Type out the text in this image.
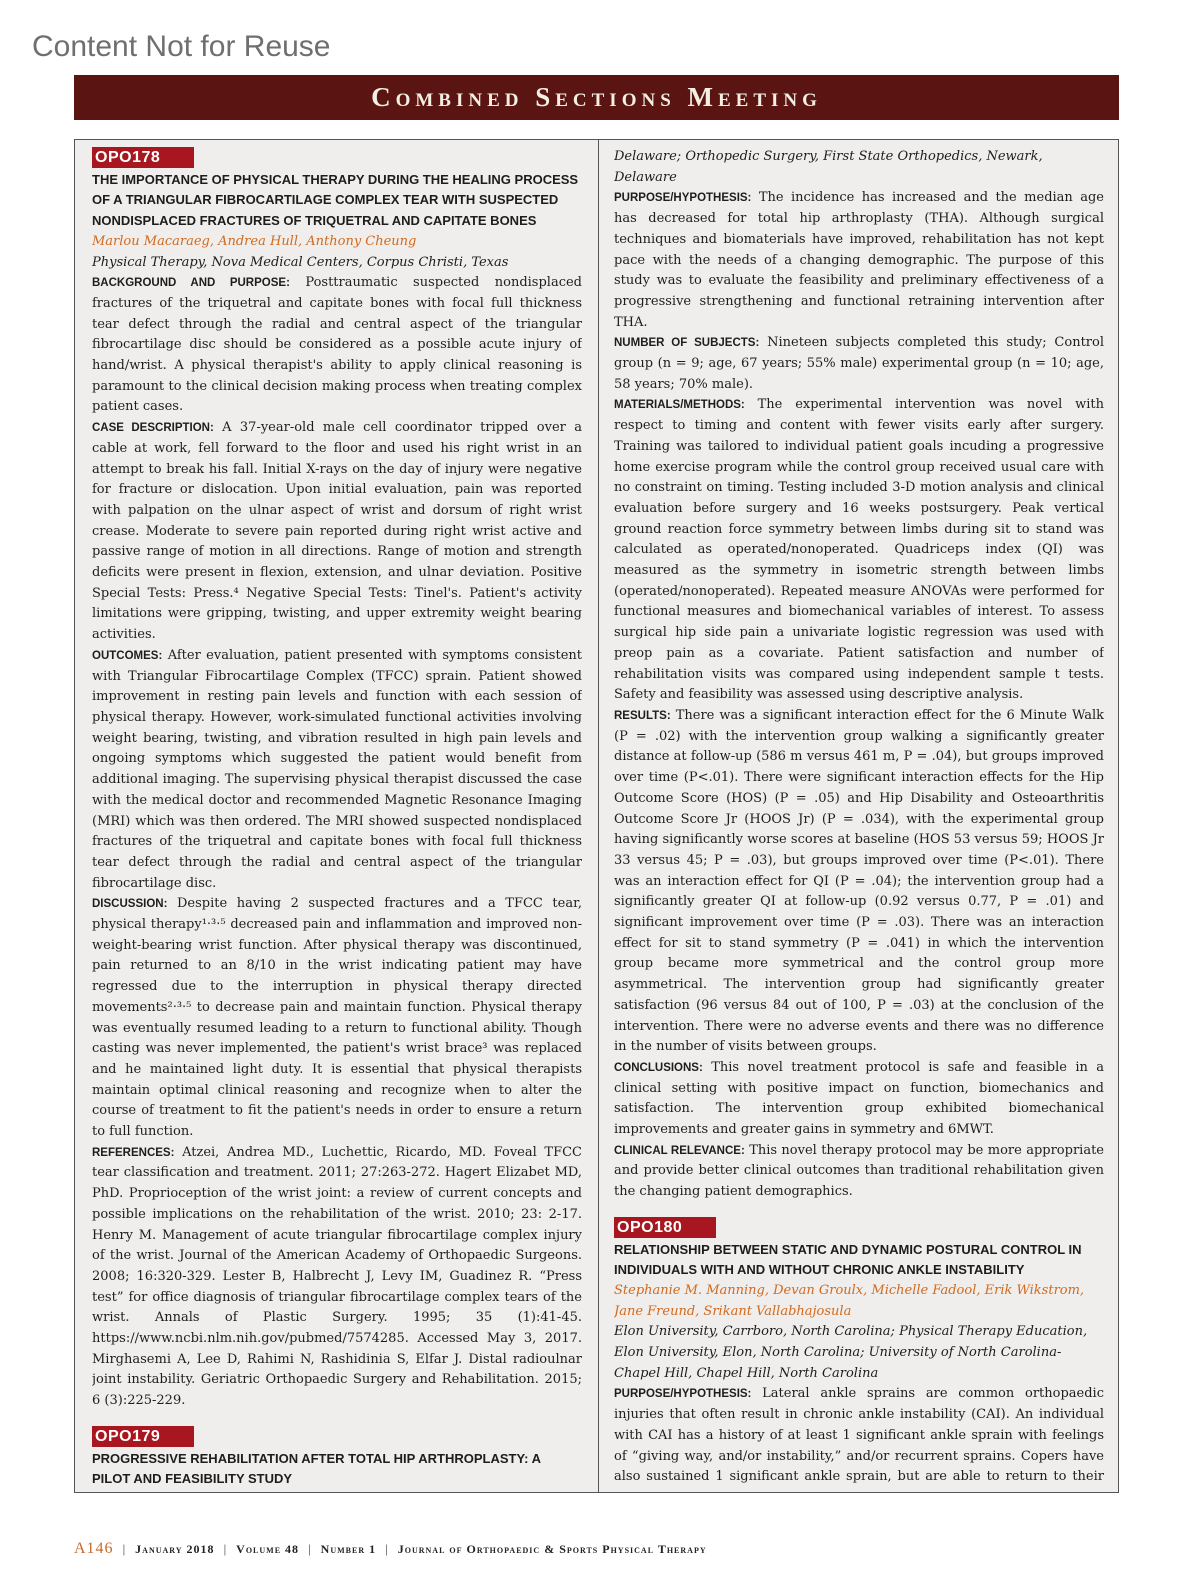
Content Not for Reuse
Combined Sections Meeting
OPO178

THE IMPORTANCE OF PHYSICAL THERAPY DURING THE HEALING PROCESS OF A TRIANGULAR FIBROCARTILAGE COMPLEX TEAR WITH SUSPECTED NONDISPLACED FRACTURES OF TRIQUETRAL AND CAPITATE BONES

Marlou Macaraeg, Andrea Hull, Anthony Cheung

Physical Therapy, Nova Medical Centers, Corpus Christi, Texas

BACKGROUND AND PURPOSE: Posttraumatic suspected nondisplaced fractures of the triquetral and capitate bones with focal full thickness tear defect through the radial and central aspect of the triangular fibrocartilage disc should be considered as a possible acute injury of hand/wrist. A physical therapist's ability to apply clinical reasoning is paramount to the clinical decision making process when treating complex patient cases.

CASE DESCRIPTION: A 37-year-old male cell coordinator tripped over a cable at work, fell forward to the floor and used his right wrist in an attempt to break his fall. Initial X-rays on the day of injury were negative for fracture or dislocation. Upon initial evaluation, pain was reported with palpation on the ulnar aspect of wrist and dorsum of right wrist crease. Moderate to severe pain reported during right wrist active and passive range of motion in all directions. Range of motion and strength deficits were present in flexion, extension, and ulnar deviation. Positive Special Tests: Press.⁴ Negative Special Tests: Tinel's. Patient's activity limitations were gripping, twisting, and upper extremity weight bearing activities.

OUTCOMES: After evaluation, patient presented with symptoms consistent with Triangular Fibrocartilage Complex (TFCC) sprain. Patient showed improvement in resting pain levels and function with each session of physical therapy. However, work-simulated functional activities involving weight bearing, twisting, and vibration resulted in high pain levels and ongoing symptoms which suggested the patient would benefit from additional imaging. The supervising physical therapist discussed the case with the medical doctor and recommended Magnetic Resonance Imaging (MRI) which was then ordered. The MRI showed suspected nondisplaced fractures of the triquetral and capitate bones with focal full thickness tear defect through the radial and central aspect of the triangular fibrocartilage disc.

DISCUSSION: Despite having 2 suspected fractures and a TFCC tear, physical therapy¹‧³‧⁵ decreased pain and inflammation and improved non-weight-bearing wrist function. After physical therapy was discontinued, pain returned to an 8/10 in the wrist indicating patient may have regressed due to the interruption in physical therapy directed movements²‧³‧⁵ to decrease pain and maintain function. Physical therapy was eventually resumed leading to a return to functional ability. Though casting was never implemented, the patient's wrist brace³ was replaced and he maintained light duty. It is essential that physical therapists maintain optimal clinical reasoning and recognize when to alter the course of treatment to fit the patient's needs in order to ensure a return to full function.

REFERENCES: Atzei, Andrea MD., Luchettic, Ricardo, MD. Foveal TFCC tear classification and treatment. 2011; 27:263-272. Hagert Elizabet MD, PhD. Proprioception of the wrist joint: a review of current concepts and possible implications on the rehabilitation of the wrist. 2010; 23: 2-17. Henry M. Management of acute triangular fibrocartilage complex injury of the wrist. Journal of the American Academy of Orthopaedic Surgeons. 2008; 16:320-329. Lester B, Halbrecht J, Levy IM, Guadinez R. “Press test” for office diagnosis of triangular fibrocartilage complex tears of the wrist. Annals of Plastic Surgery. 1995; 35 (1):41-45. https://www.ncbi.nlm.nih.gov/pubmed/7574285. Accessed May 3, 2017. Mirghasemi A, Lee D, Rahimi N, Rashidinia S, Elfar J. Distal radioulnar joint instability. Geriatric Orthopaedic Surgery and Rehabilitation. 2015; 6 (3):225-229.

OPO179

PROGRESSIVE REHABILITATION AFTER TOTAL HIP ARTHROPLASTY: A PILOT AND FEASIBILITY STUDY

Delaware; Orthopedic Surgery, First State Orthopedics, Newark, Delaware

PURPOSE/HYPOTHESIS: The incidence has increased and the median age has decreased for total hip arthroplasty (THA). Although surgical techniques and biomaterials have improved, rehabilitation has not kept pace with the needs of a changing demographic. The purpose of this study was to evaluate the feasibility and preliminary effectiveness of a progressive strengthening and functional retraining intervention after THA.

NUMBER OF SUBJECTS: Nineteen subjects completed this study; Control group (n = 9; age, 67 years; 55% male) experimental group (n = 10; age, 58 years; 70% male).

MATERIALS/METHODS: The experimental intervention was novel with respect to timing and content with fewer visits early after surgery. Training was tailored to individual patient goals incuding a progressive home exercise program while the control group received usual care with no constraint on timing. Testing included 3-D motion analysis and clinical evaluation before surgery and 16 weeks postsurgery. Peak vertical ground reaction force symmetry between limbs during sit to stand was calculated as operated/nonoperated. Quadriceps index (QI) was measured as the symmetry in isometric strength between limbs (operated/nonoperated). Repeated measure ANOVAs were performed for functional measures and biomechanical variables of interest. To assess surgical hip side pain a univariate logistic regression was used with preop pain as a covariate. Patient satisfaction and number of rehabilitation visits was compared using independent sample t tests. Safety and feasibility was assessed using descriptive analysis.

RESULTS: There was a significant interaction effect for the 6 Minute Walk (P = .02) with the intervention group walking a significantly greater distance at follow-up (586 m versus 461 m, P = .04), but groups improved over time (P<.01). There were significant interaction effects for the Hip Outcome Score (HOS) (P = .05) and Hip Disability and Osteoarthritis Outcome Score Jr (HOOS Jr) (P = .034), with the experimental group having significantly worse scores at baseline (HOS 53 versus 59; HOOS Jr 33 versus 45; P = .03), but groups improved over time (P<.01). There was an interaction effect for QI (P = .04); the intervention group had a significantly greater QI at follow-up (0.92 versus 0.77, P = .01) and significant improvement over time (P = .03). There was an interaction effect for sit to stand symmetry (P = .041) in which the intervention group became more symmetrical and the control group more asymmetrical. The intervention group had significantly greater satisfaction (96 versus 84 out of 100, P = .03) at the conclusion of the intervention. There were no adverse events and there was no difference in the number of visits between groups.

CONCLUSIONS: This novel treatment protocol is safe and feasible in a clinical setting with positive impact on function, biomechanics and satisfaction. The intervention group exhibited biomechanical improvements and greater gains in symmetry and 6MWT.

CLINICAL RELEVANCE: This novel therapy protocol may be more appropriate and provide better clinical outcomes than traditional rehabilitation given the changing patient demographics.

OPO180

RELATIONSHIP BETWEEN STATIC AND DYNAMIC POSTURAL CONTROL IN INDIVIDUALS WITH AND WITHOUT CHRONIC ANKLE INSTABILITY

Stephanie M. Manning, Devan Groulx, Michelle Fadool, Erik Wikstrom, Jane Freund, Srikant Vallabhajosula

Elon University, Carrboro, North Carolina; Physical Therapy Education, Elon University, Elon, North Carolina; University of North Carolina-Chapel Hill, Chapel Hill, North Carolina

PURPOSE/HYPOTHESIS: Lateral ankle sprains are common orthopaedic injuries that often result in chronic ankle instability (CAI). An individual with CAI has a history of at least 1 significant ankle sprain with feelings of “giving way, and/or instability,” and/or recurrent sprains. Copers have also sustained 1 significant ankle sprain, but are able to return to their

A146 | January 2018 | Volume 48 | Number 1 | Journal of Orthopaedic & Sports Physical Therapy
